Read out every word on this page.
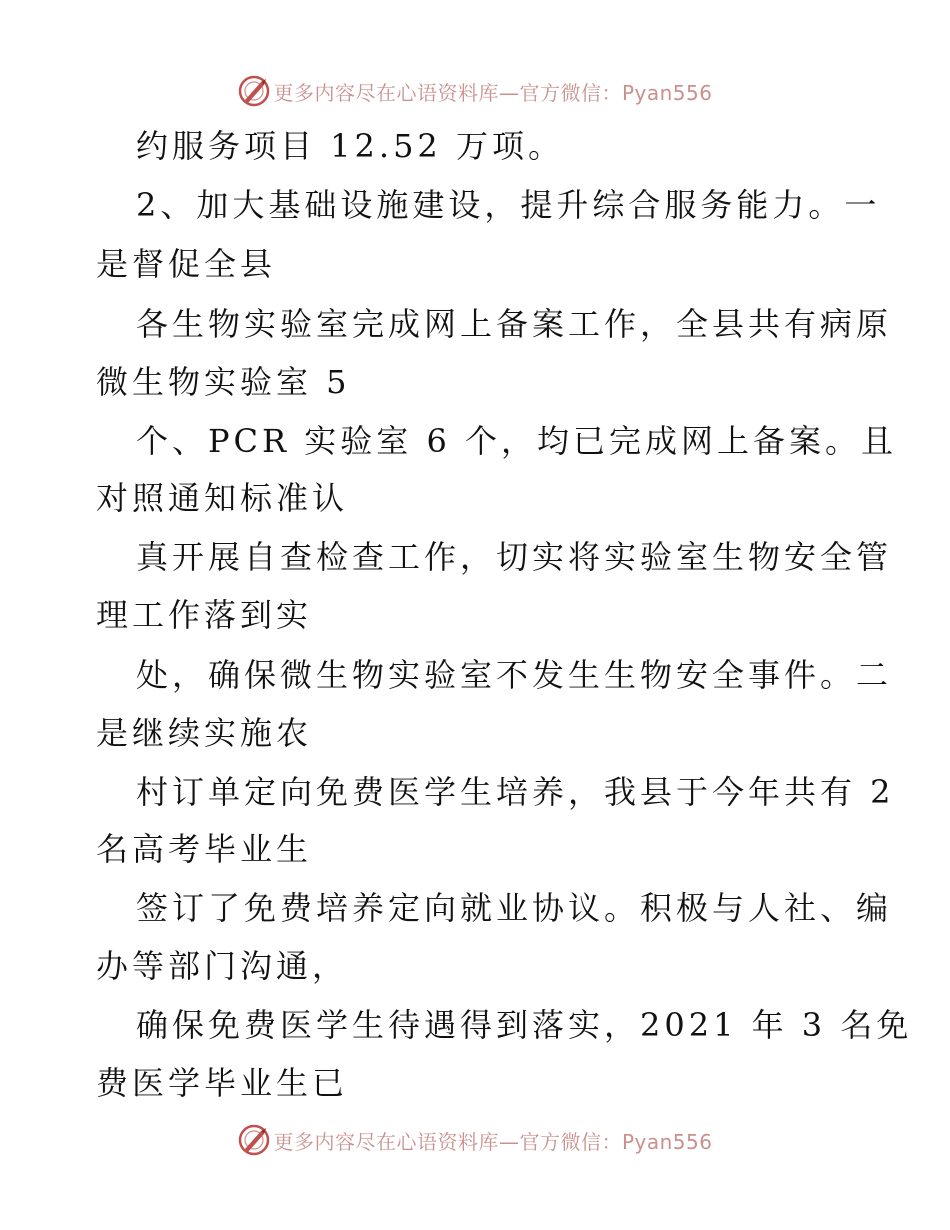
更多内容尽在心语资料库—官方微信：Pyan556
约服务项目 12.52 万项。
2、加大基础设施建设，提升综合服务能力。一
是督促全县
各生物实验室完成网上备案工作，全县共有病原
微生物实验室 5
个、PCR 实验室 6 个，均已完成网上备案。且
对照通知标准认
真开展自查检查工作，切实将实验室生物安全管
理工作落到实
处，确保微生物实验室不发生生物安全事件。二
是继续实施农
村订单定向免费医学生培养，我县于今年共有 2
名高考毕业生
签订了免费培养定向就业协议。积极与人社、编
办等部门沟通，
确保免费医学生待遇得到落实，2021 年 3 名免
费医学毕业生已
更多内容尽在心语资料库—官方微信：Pyan556
